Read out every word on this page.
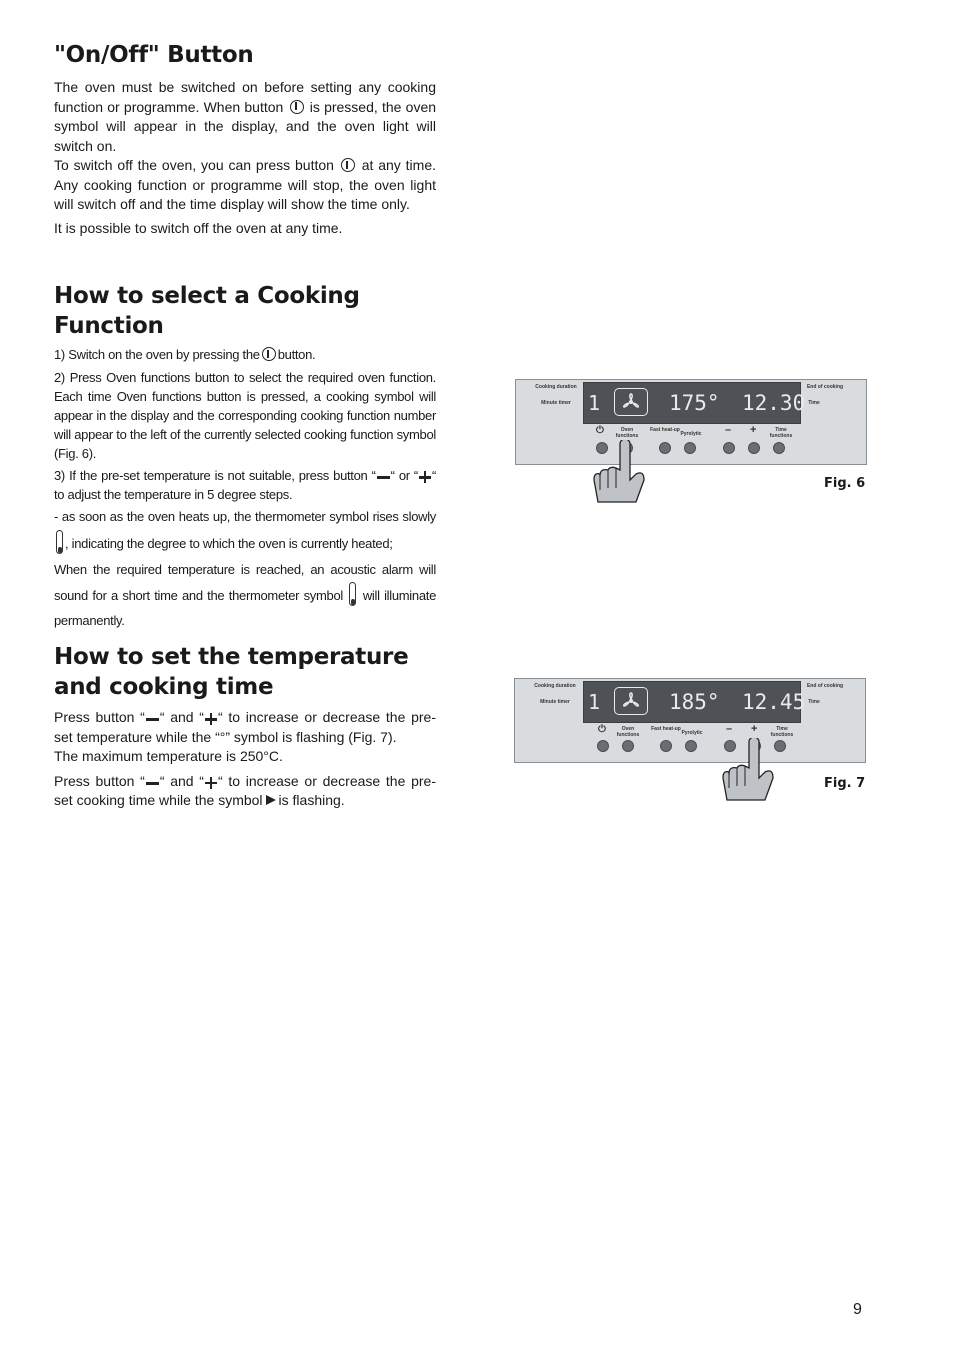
"On/Off" Button

The oven must be switched on before setting any cooking function or programme. When button is pressed, the oven symbol will appear in the display, and the oven light will switch on.

To switch off the oven, you can press button at any time. Any cooking function or programme will stop, the oven light will switch off and the time display will show the time only.

It is possible to switch off the oven at any time.

How to select a Cooking Function

1) Switch on the oven by pressing the button.

2) Press Oven functions button to select the required oven function. Each time Oven functions button is pressed, a cooking symbol will appear in the display and the corresponding cooking function number will appear to the left of the currently selected cooking function symbol (Fig. 6).

3) If the pre-set temperature is not suitable, press button “ “ or “ “ to adjust the temperature in 5 degree steps.

- as soon as the oven heats up, the thermometer symbol rises slowly , indicating the degree to which the oven is currently heated;

When the required temperature is reached, an acoustic alarm will sound for a short time and the thermometer symbol will illuminate permanently.

How to set the temperature and cooking time

Press button “ “ and “ “ to increase or decrease the pre-set temperature while the “°” symbol is flashing (Fig. 7).

The maximum temperature is 250°C.

Press button “ “ and “ “ to increase or decrease the pre-set cooking time while the symbol is flashing.

Cooking duration
Minute timer
End of cooking
Time
1	175° 12.30
⏻	Oven functions
Fast heat-up
Pyrolytic – +	Time functions
Fig. 6
Cooking duration
Minute timer
End of cooking
Time
1	185° 12.45
⏻	Oven functions
Fast heat-up
Pyrolytic – +	Time functions
Fig. 7
9
